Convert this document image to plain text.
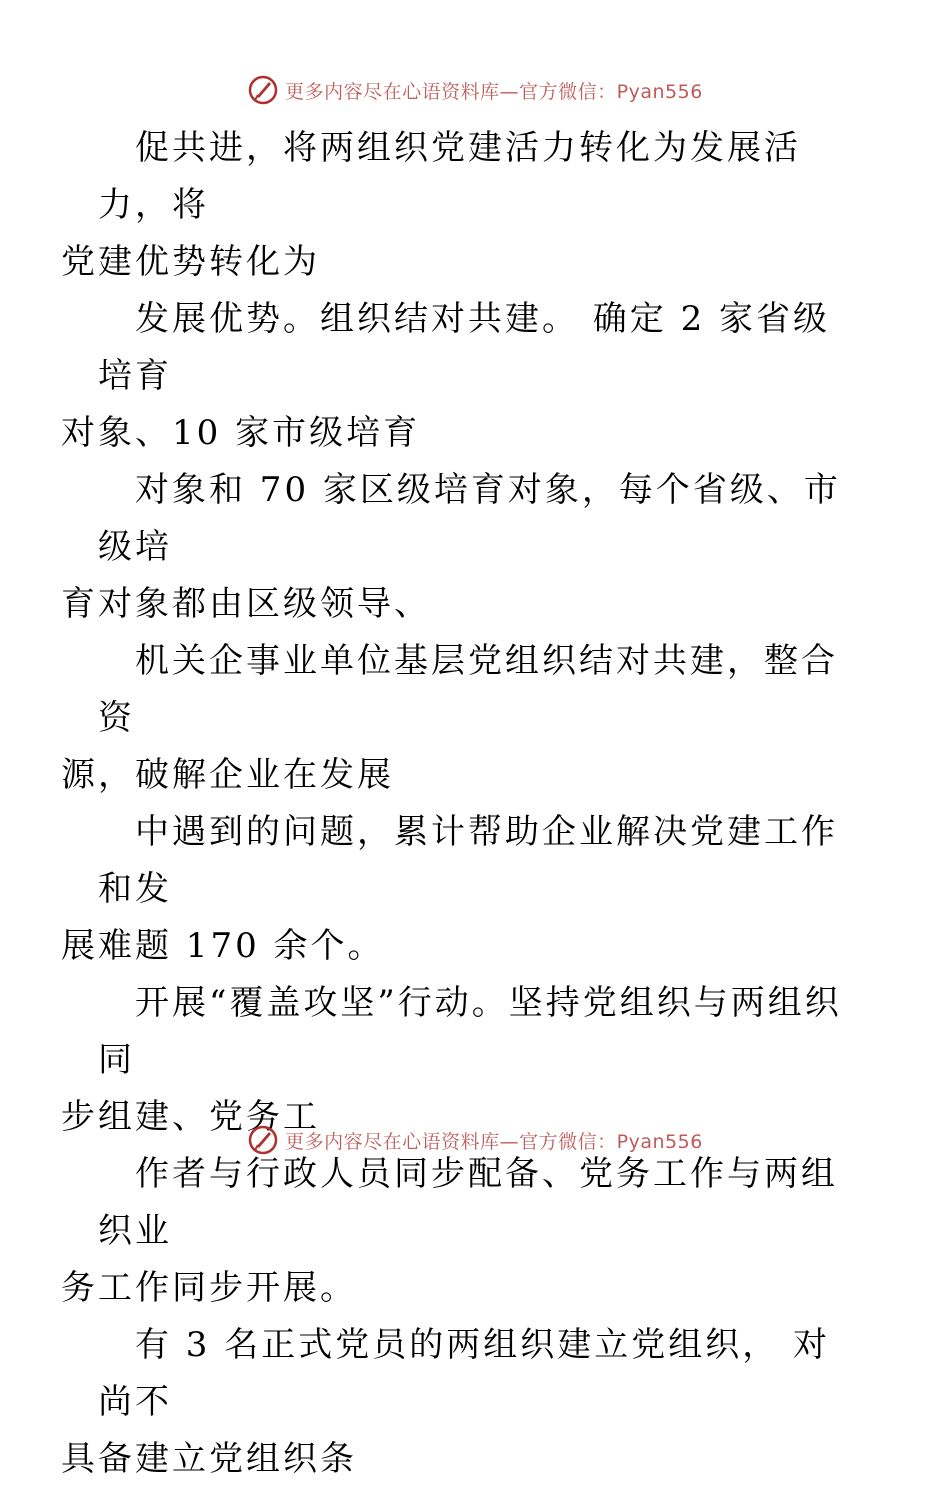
更多内容尽在心语资料库—官方微信：Pyan556

促共进，将两组织党建活力转化为发展活力，将
党建优势转化为

发展优势。组织结对共建。 确定 2 家省级培育
对象、10 家市级培育

对象和 70 家区级培育对象，每个省级、市级培
育对象都由区级领导、

机关企事业单位基层党组织结对共建，整合资
源，破解企业在发展

中遇到的问题，累计帮助企业解决党建工作和发
展难题 170 余个。

开展“覆盖攻坚”行动。坚持党组织与两组织同
步组建、党务工

作者与行政人员同步配备、党务工作与两组织业
务工作同步开展。

有 3 名正式党员的两组织建立党组织， 对尚不
具备建立党组织条

更多内容尽在心语资料库—官方微信：Pyan556
